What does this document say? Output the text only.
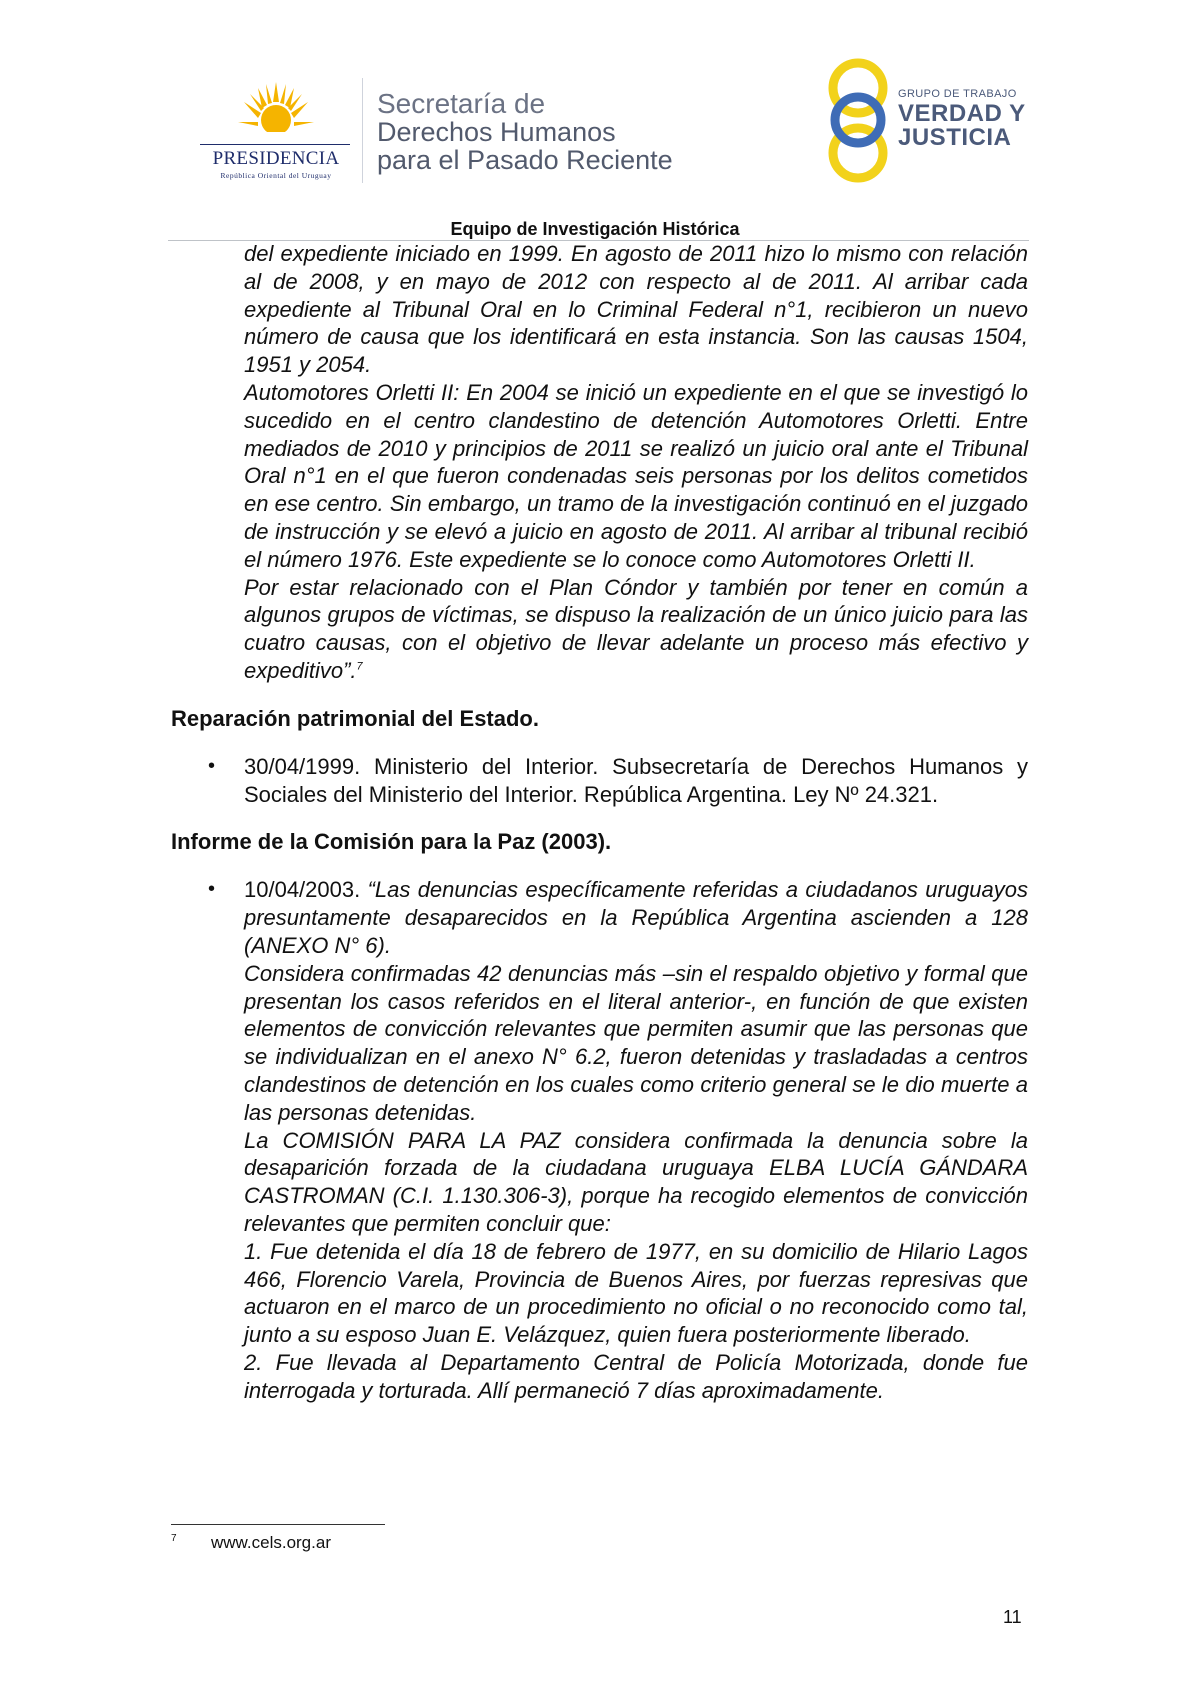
PRESIDENCIA
República Oriental del Uruguay
Secretaría de
Derechos Humanos
para el Pasado Reciente
GRUPO DE TRABAJO
VERDAD Y
JUSTICIA
Equipo de Investigación Histórica

del expediente iniciado en 1999. En agosto de 2011 hizo lo mismo con relación al de 2008, y en mayo de 2012 con respecto al de 2011. Al arribar cada expediente al Tribunal Oral en lo Criminal Federal n°1, recibieron un nuevo número de causa que los identificará en esta instancia. Son las causas 1504, 1951 y 2054.

Automotores Orletti II: En 2004 se inició un expediente en el que se investigó lo sucedido en el centro clandestino de detención Automotores Orletti. Entre mediados de 2010 y principios de 2011 se realizó un juicio oral ante el Tribunal Oral n°1 en el que fueron condenadas seis personas por los delitos cometidos en ese centro. Sin embargo, un tramo de la investigación continuó en el juzgado de instrucción y se elevó a juicio en agosto de 2011. Al arribar al tribunal recibió el número 1976. Este expediente se lo conoce como Automotores Orletti II.

Por estar relacionado con el Plan Cóndor y también por tener en común a algunos grupos de víctimas, se dispuso la realización de un único juicio para las cuatro causas, con el objetivo de llevar adelante un proceso más efectivo y expeditivo”.$^7$

Reparación patrimonial del Estado.

• 30/04/1999. Ministerio del Interior. Subsecretaría de Derechos Humanos y Sociales del Ministerio del Interior. República Argentina. Ley Nº 24.321.

Informe de la Comisión para la Paz (2003).

• 10/04/2003. “Las denuncias específicamente referidas a ciudadanos uruguayos presuntamente desaparecidos en la República Argentina ascienden a 128 (ANEXO N° 6).

Considera confirmadas 42 denuncias más –sin el respaldo objetivo y formal que presentan los casos referidos en el literal anterior-, en función de que existen elementos de convicción relevantes que permiten asumir que las personas que se individualizan en el anexo N° 6.2, fueron detenidas y trasladadas a centros clandestinos de detención en los cuales como criterio general se le dio muerte a las personas detenidas.

La COMISIÓN PARA LA PAZ considera confirmada la denuncia sobre la desaparición forzada de la ciudadana uruguaya ELBA LUCÍA GÁNDARA CASTROMAN (C.I. 1.130.306-3), porque ha recogido elementos de convicción relevantes que permiten concluir que:

1. Fue detenida el día 18 de febrero de 1977, en su domicilio de Hilario Lagos 466, Florencio Varela, Provincia de Buenos Aires, por fuerzas represivas que actuaron en el marco de un procedimiento no oficial o no reconocido como tal, junto a su esposo Juan E. Velázquez, quien fuera posteriormente liberado.

2. Fue llevada al Departamento Central de Policía Motorizada, donde fue interrogada y torturada. Allí permaneció 7 días aproximadamente.

7 www.cels.org.ar
11
